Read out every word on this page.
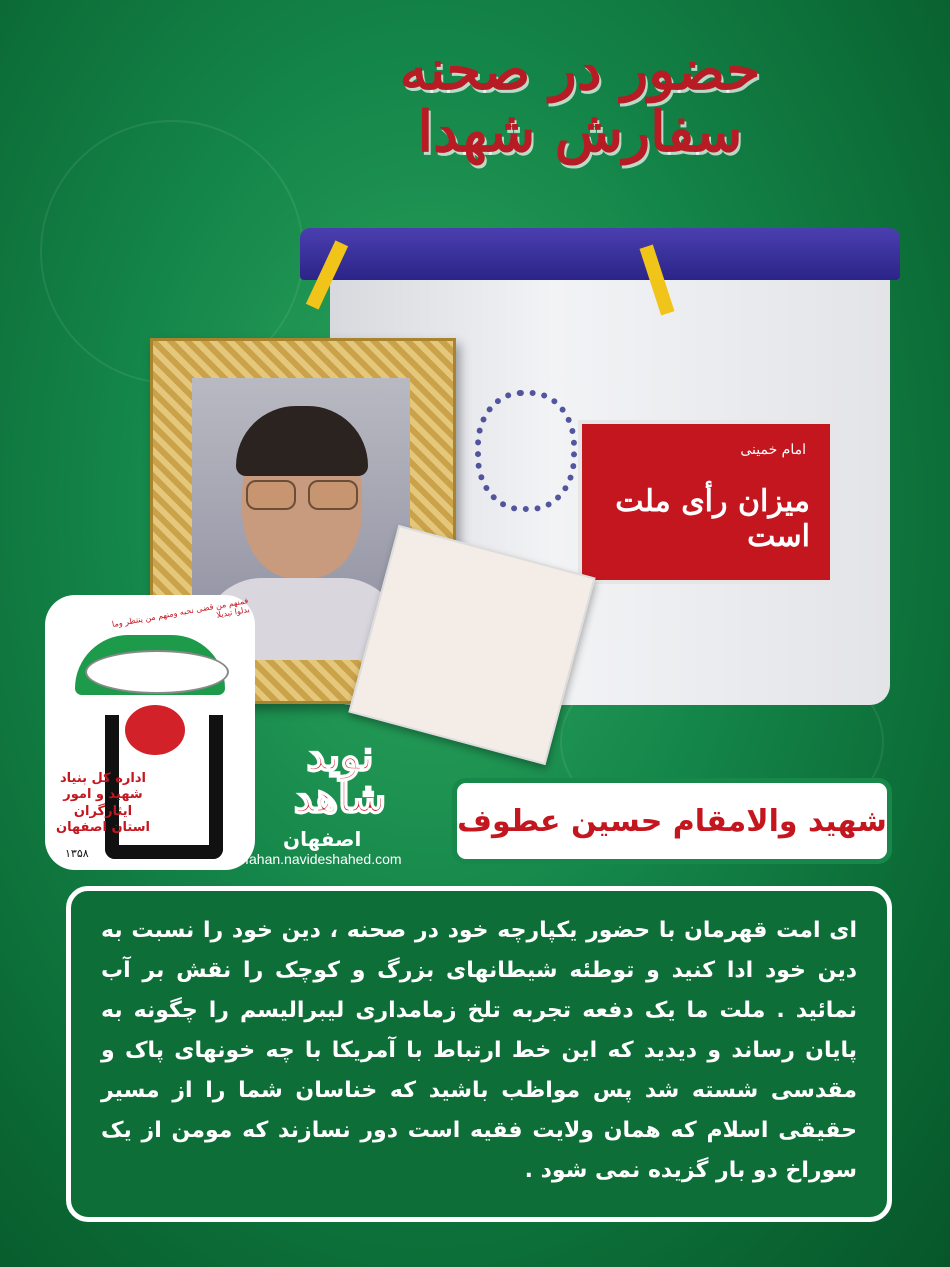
حضور در صحنه سفارش شهدا
امام خمینی
میزان رأی ملت است
فمنهم من قضی نحبه ومنهم من ینتظر وما بدلوا تبدیلا
اداره کل بنیاد شهید و امور ایثارگران استان اصفهان
۱۳۵۸
نوید شاهد
اصفهان
isfahan.navideshahed.com
شهید والامقام حسین عطوف

ای امت قهرمان با حضور یکپارچه خود در صحنه ، دین خود را نسبت به دین خود ادا کنید و توطئه شیطانهای بزرگ و کوچک را نقش بر آب نمائید . ملت ما یک دفعه تجربه تلخ زمامداری لیبرالیسم را چگونه به پایان رساند و دیدید که این خط ارتباط با آمریکا با چه خونهای پاک و مقدسی شسته شد پس مواظب باشید که خناسان شما را از مسیر حقیقی اسلام که همان ولایت فقیه است دور نسازند که مومن از یک سوراخ دو بار گزیده نمی شود .
